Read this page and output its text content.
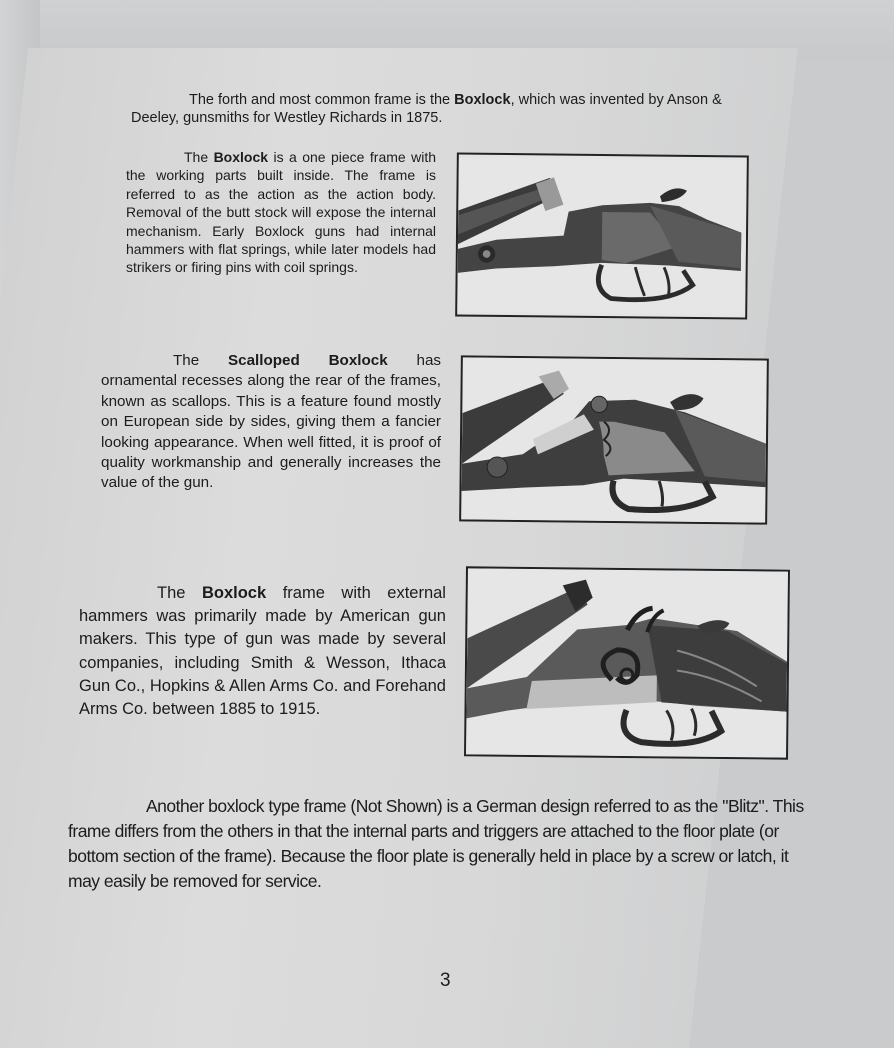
The forth and most common frame is the Boxlock, which was invented by Anson & Deeley, gunsmiths for Westley Richards in 1875.

The Boxlock is a one piece frame with the working parts built inside. The frame is referred to as the action as the action body. Removal of the butt stock will expose the internal mechanism. Early Boxlock guns had internal hammers with flat springs, while later models had strikers or firing pins with coil springs.

The Scalloped Boxlock has ornamental recesses along the rear of the frames, known as scallops. This is a feature found mostly on European side by sides, giving them a fancier looking appearance. When well fitted, it is proof of quality workmanship and generally increases the value of the gun.

The Boxlock frame with external hammers was primarily made by American gun makers. This type of gun was made by several companies, including Smith & Wesson, Ithaca Gun Co., Hopkins & Allen Arms Co. and Forehand Arms Co. between 1885 to 1915.

Another boxlock type frame (Not Shown) is a German design referred to as the "Blitz". This frame differs from the others in that the internal parts and triggers are attached to the floor plate (or bottom section of the frame). Because the floor plate is generally held in place by a screw or latch, it may easily be removed for service.

3
